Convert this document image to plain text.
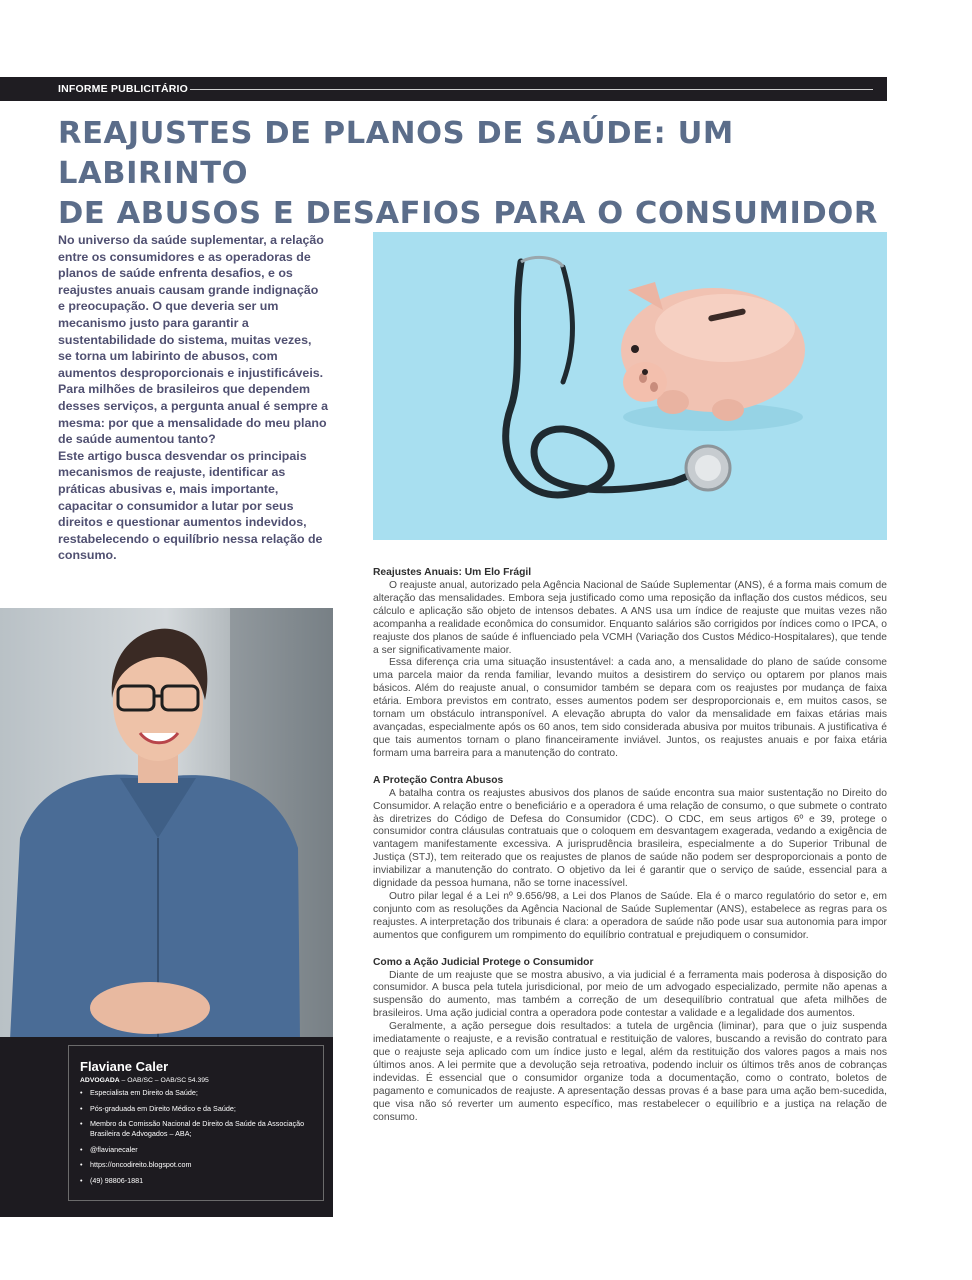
INFORME PUBLICITÁRIO
REAJUSTES DE PLANOS DE SAÚDE: UM LABIRINTO
DE ABUSOS E DESAFIOS PARA O CONSUMIDOR

No universo da saúde suplementar, a relação entre os consumidores e as operadoras de planos de saúde enfrenta desafios, e os reajustes anuais causam grande indignação e preocupação. O que deveria ser um mecanismo justo para garantir a sustentabilidade do sistema, muitas vezes, se torna um labirinto de abusos, com aumentos desproporcionais e injustificáveis. Para milhões de brasileiros que dependem desses serviços, a pergunta anual é sempre a mesma: por que a mensalidade do meu plano de saúde aumentou tanto?

Este artigo busca desvendar os principais mecanismos de reajuste, identificar as práticas abusivas e, mais importante, capacitar o consumidor a lutar por seus direitos e questionar aumentos indevidos, restabelecendo o equilíbrio nessa relação de consumo.

Flaviane Caler
ADVOGADA – OAB/SC – OAB/SC 54.395
• Especialista em Direito da Saúde;
• Pós-graduada em Direito Médico e da Saúde;
• Membro da Comissão Nacional de Direito da Saúde da Associação Brasileira de Advogados – ABA;
• @flavianecaler
• https://oncodireito.blogspot.com
• (49) 98806-1881
Reajustes Anuais: Um Elo Frágil

O reajuste anual, autorizado pela Agência Nacional de Saúde Suplementar (ANS), é a forma mais comum de alteração das mensalidades. Embora seja justificado como uma reposição da inflação dos custos médicos, seu cálculo e aplicação são objeto de intensos debates. A ANS usa um índice de reajuste que muitas vezes não acompanha a realidade econômica do consumidor. Enquanto salários são corrigidos por índices como o IPCA, o reajuste dos planos de saúde é influenciado pela VCMH (Variação dos Custos Médico-Hospitalares), que tende a ser significativamente maior.

Essa diferença cria uma situação insustentável: a cada ano, a mensalidade do plano de saúde consome uma parcela maior da renda familiar, levando muitos a desistirem do serviço ou optarem por planos mais básicos. Além do reajuste anual, o consumidor também se depara com os reajustes por mudança de faixa etária. Embora previstos em contrato, esses aumentos podem ser desproporcionais e, em muitos casos, se tornam um obstáculo intransponível. A elevação abrupta do valor da mensalidade em faixas etárias mais avançadas, especialmente após os 60 anos, tem sido considerada abusiva por muitos tribunais. A justificativa é que tais aumentos tornam o plano financeiramente inviável. Juntos, os reajustes anuais e por faixa etária formam uma barreira para a manutenção do contrato.

A Proteção Contra Abusos

A batalha contra os reajustes abusivos dos planos de saúde encontra sua maior sustentação no Direito do Consumidor. A relação entre o beneficiário e a operadora é uma relação de consumo, o que submete o contrato às diretrizes do Código de Defesa do Consumidor (CDC). O CDC, em seus artigos 6º e 39, protege o consumidor contra cláusulas contratuais que o coloquem em desvantagem exagerada, vedando a exigência de vantagem manifestamente excessiva. A jurisprudência brasileira, especialmente a do Superior Tribunal de Justiça (STJ), tem reiterado que os reajustes de planos de saúde não podem ser desproporcionais a ponto de inviabilizar a manutenção do contrato. O objetivo da lei é garantir que o serviço de saúde, essencial para a dignidade da pessoa humana, não se torne inacessível.

Outro pilar legal é a Lei nº 9.656/98, a Lei dos Planos de Saúde. Ela é o marco regulatório do setor e, em conjunto com as resoluções da Agência Nacional de Saúde Suplementar (ANS), estabelece as regras para os reajustes. A interpretação dos tribunais é clara: a operadora de saúde não pode usar sua autonomia para impor aumentos que configurem um rompimento do equilíbrio contratual e prejudiquem o consumidor.

Como a Ação Judicial Protege o Consumidor

Diante de um reajuste que se mostra abusivo, a via judicial é a ferramenta mais poderosa à disposição do consumidor. A busca pela tutela jurisdicional, por meio de um advogado especializado, permite não apenas a suspensão do aumento, mas também a correção de um desequilíbrio contratual que afeta milhões de brasileiros. Uma ação judicial contra a operadora pode contestar a validade e a legalidade dos aumentos.

Geralmente, a ação persegue dois resultados: a tutela de urgência (liminar), para que o juiz suspenda imediatamente o reajuste, e a revisão contratual e restituição de valores, buscando a revisão do contrato para que o reajuste seja aplicado com um índice justo e legal, além da restituição dos valores pagos a mais nos últimos anos. A lei permite que a devolução seja retroativa, podendo incluir os últimos três anos de cobranças indevidas. É essencial que o consumidor organize toda a documentação, como o contrato, boletos de pagamento e comunicados de reajuste. A apresentação dessas provas é a base para uma ação bem-sucedida, que visa não só reverter um aumento específico, mas restabelecer o equilíbrio e a justiça na relação de consumo.
